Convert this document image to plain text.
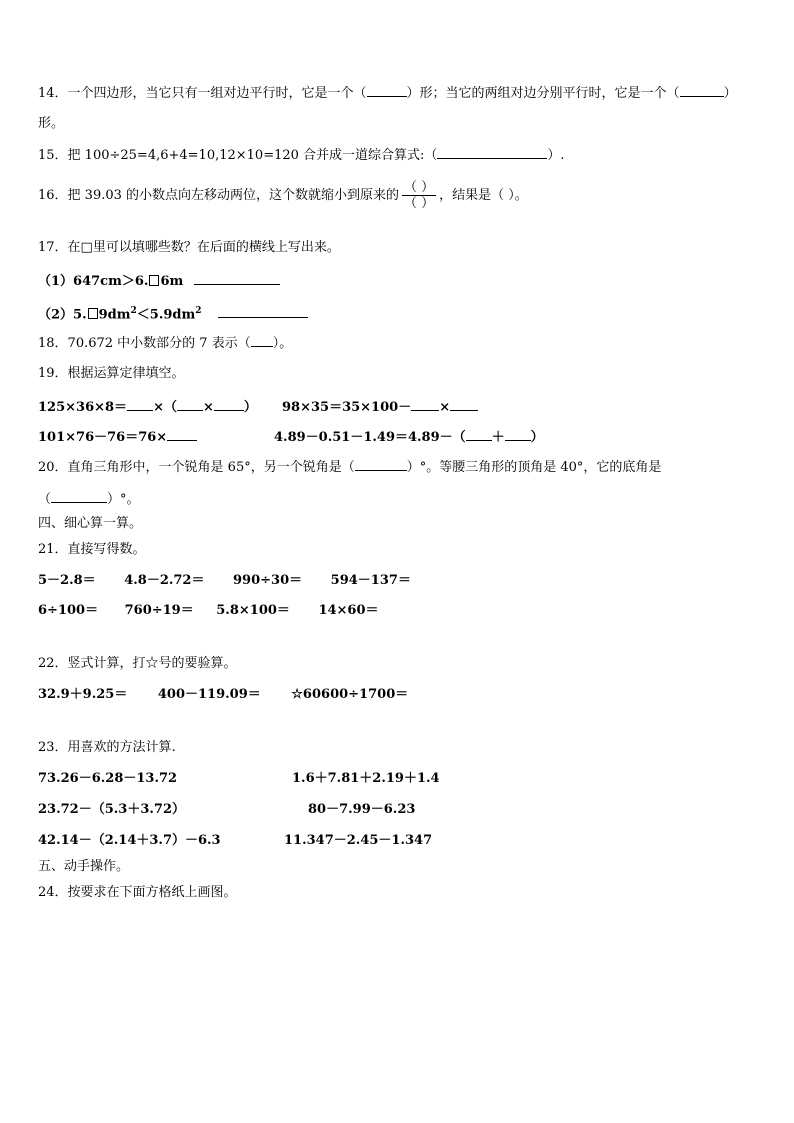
14．一个四边形，当它只有一组对边平行时，它是一个（	）形；当它的两组对边分别平行时，它是一个（	）
形。
15．把 100÷25=4,6+4=10,12×10=120 合并成一道综合算式:（	）.
16．把 39.03 的小数点向左移动两位，这个数就缩小到原来的 $\frac{( )}{( )}$ ，结果是（ ）。
17．在□里可以填哪些数？在后面的横线上写出来。
（1）647cm＞6. 6m
（2）5. $9dm^2<5.9dm^2$
18．70.672 中小数部分的 7 表示（ ）。
19．根据运算定律填空。
125×36×8＝ ×（ × ） 98×35＝35×100－ ×
101×76－76＝76×	4.89－0.51－1.49＝4.89－（ ＋ ）
20．直角三角形中，一个锐角是 65°，另一个锐角是（	）°。等腰三角形的顶角是 40°，它的底角是
（	）°。
四、细心算一算。
21．直接写得数。
5－2.8＝ 4.8－2.72＝ 990÷30＝ 594－137＝
6÷100＝ 760÷19＝ 5.8×100＝ 14×60＝
22．竖式计算，打☆号的要验算。
32.9＋9.25＝ 400－119.09＝ ☆60600÷1700＝
23．用喜欢的方法计算.
73.26－6.28－13.72	1.6＋7.81＋2.19＋1.4
23.72－（5.3＋3.72）	80－7.99－6.23
42.14－（2.14＋3.7）－6.3	11.347－2.45－1.347
五、动手操作。
24．按要求在下面方格纸上画图。
